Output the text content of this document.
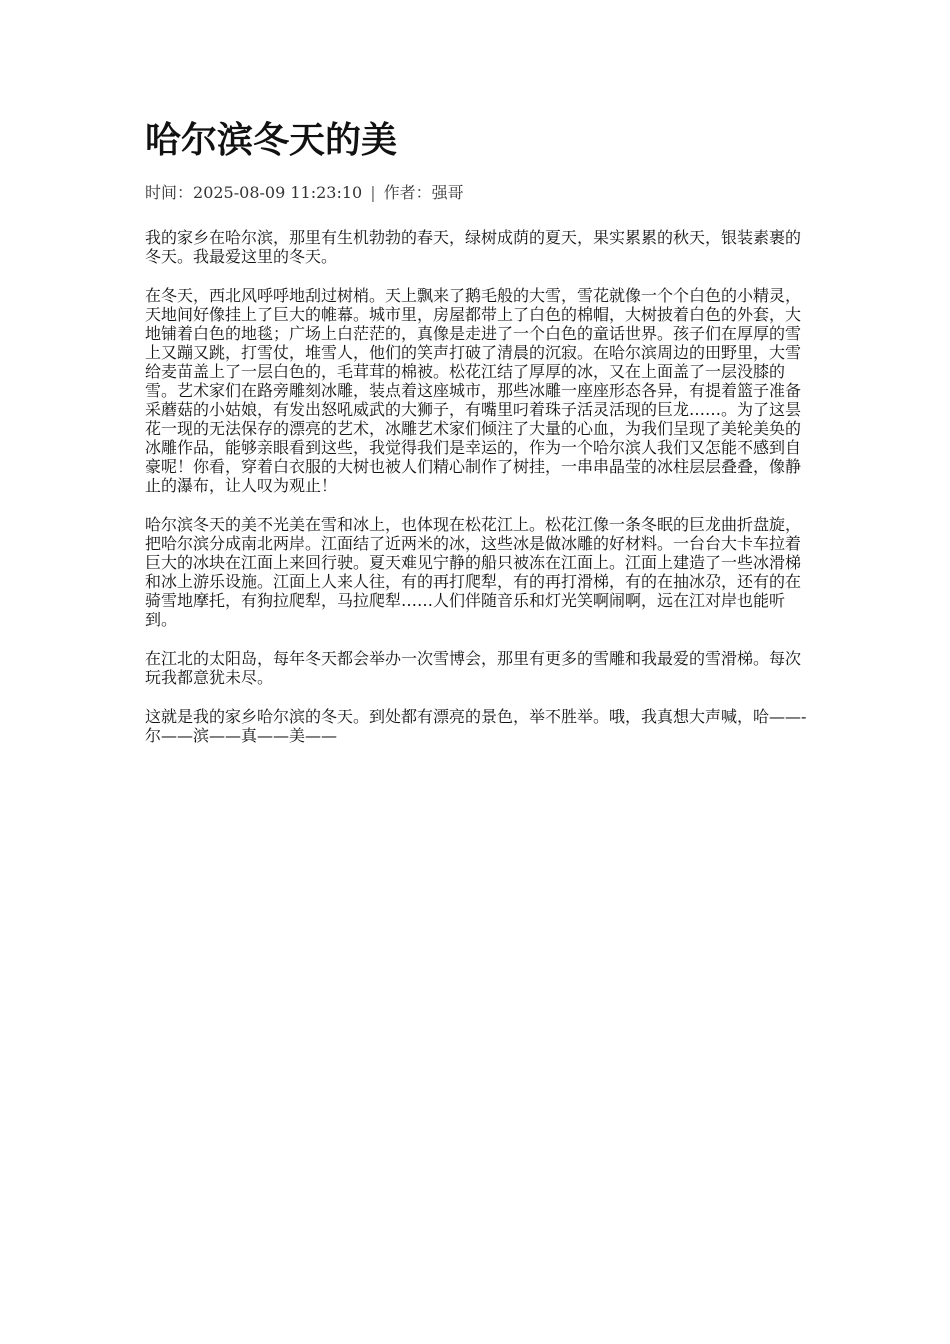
哈尔滨冬天的美
时间：2025-08-09 11:23:10 | 作者：强哥

我的家乡在哈尔滨，那里有生机勃勃的春天，绿树成荫的夏天，果实累累的秋天，银装素裹的冬天。我最爱这里的冬天。

在冬天，西北风呼呼地刮过树梢。天上飘来了鹅毛般的大雪，雪花就像一个个白色的小精灵，天地间好像挂上了巨大的帷幕。城市里，房屋都带上了白色的棉帽，大树披着白色的外套，大地铺着白色的地毯；广场上白茫茫的，真像是走进了一个白色的童话世界。孩子们在厚厚的雪上又蹦又跳，打雪仗，堆雪人，他们的笑声打破了清晨的沉寂。在哈尔滨周边的田野里，大雪给麦苗盖上了一层白色的，毛茸茸的棉被。松花江结了厚厚的冰，又在上面盖了一层没膝的雪。艺术家们在路旁雕刻冰雕，装点着这座城市，那些冰雕一座座形态各异，有提着篮子准备采蘑菇的小姑娘，有发出怒吼威武的大狮子，有嘴里叼着珠子活灵活现的巨龙……。为了这昙花一现的无法保存的漂亮的艺术，冰雕艺术家们倾注了大量的心血，为我们呈现了美轮美奂的冰雕作品，能够亲眼看到这些，我觉得我们是幸运的，作为一个哈尔滨人我们又怎能不感到自豪呢！你看，穿着白衣服的大树也被人们精心制作了树挂，一串串晶莹的冰柱层层叠叠，像静止的瀑布，让人叹为观止！

哈尔滨冬天的美不光美在雪和冰上，也体现在松花江上。松花江像一条冬眠的巨龙曲折盘旋，把哈尔滨分成南北两岸。江面结了近两米的冰，这些冰是做冰雕的好材料。一台台大卡车拉着巨大的冰块在江面上来回行驶。夏天难见宁静的船只被冻在江面上。江面上建造了一些冰滑梯和冰上游乐设施。江面上人来人往，有的再打爬犁，有的再打滑梯，有的在抽冰尕，还有的在骑雪地摩托，有狗拉爬犁，马拉爬犁……人们伴随音乐和灯光笑啊闹啊，远在江对岸也能听到。

在江北的太阳岛，每年冬天都会举办一次雪博会，那里有更多的雪雕和我最爱的雪滑梯。每次玩我都意犹未尽。

这就是我的家乡哈尔滨的冬天。到处都有漂亮的景色，举不胜举。哦，我真想大声喊，哈——-尔——滨——真——美——
